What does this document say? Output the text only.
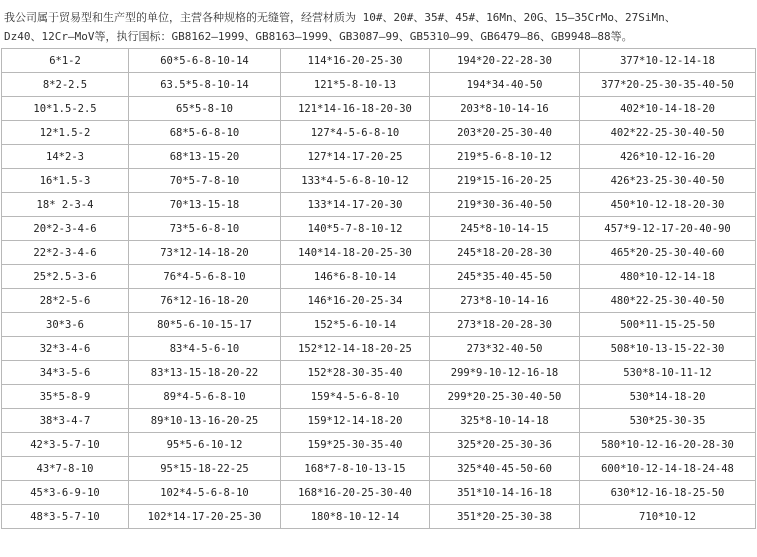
我公司属于贸易型和生产型的单位，主营各种规格的无缝管，经营材质为 10#、20#、35#、45#、16Mn、20G、15—35CrMo、27SiMn、

Dz40、12Cr—MoV等，执行国标：GB8162—1999、GB8163—1999、GB3087—99、GB5310—99、GB6479—86、GB9948—88等。

6*1-2	60*5-6-8-10-14	114*16-20-25-30	194*20-22-28-30	377*10-12-14-18
8*2-2.5	63.5*5-8-10-14	121*5-8-10-13	194*34-40-50	377*20-25-30-35-40-50
10*1.5-2.5	65*5-8-10	121*14-16-18-20-30	203*8-10-14-16	402*10-14-18-20
12*1.5-2	68*5-6-8-10	127*4-5-6-8-10	203*20-25-30-40	402*22-25-30-40-50
14*2-3	68*13-15-20	127*14-17-20-25	219*5-6-8-10-12	426*10-12-16-20
16*1.5-3	70*5-7-8-10	133*4-5-6-8-10-12	219*15-16-20-25	426*23-25-30-40-50
18* 2-3-4	70*13-15-18	133*14-17-20-30	219*30-36-40-50	450*10-12-18-20-30
20*2-3-4-6	73*5-6-8-10	140*5-7-8-10-12	245*8-10-14-15	457*9-12-17-20-40-90
22*2-3-4-6	73*12-14-18-20	140*14-18-20-25-30	245*18-20-28-30	465*20-25-30-40-60
25*2.5-3-6	76*4-5-6-8-10	146*6-8-10-14	245*35-40-45-50	480*10-12-14-18
28*2-5-6	76*12-16-18-20	146*16-20-25-34	273*8-10-14-16	480*22-25-30-40-50
30*3-6	80*5-6-10-15-17	152*5-6-10-14	273*18-20-28-30	500*11-15-25-50
32*3-4-6	83*4-5-6-10	152*12-14-18-20-25	273*32-40-50	508*10-13-15-22-30
34*3-5-6	83*13-15-18-20-22	152*28-30-35-40	299*9-10-12-16-18	530*8-10-11-12
35*5-8-9	89*4-5-6-8-10	159*4-5-6-8-10	299*20-25-30-40-50	530*14-18-20
38*3-4-7	89*10-13-16-20-25	159*12-14-18-20	325*8-10-14-18	530*25-30-35
42*3-5-7-10	95*5-6-10-12	159*25-30-35-40	325*20-25-30-36	580*10-12-16-20-28-30
43*7-8-10	95*15-18-22-25	168*7-8-10-13-15	325*40-45-50-60	600*10-12-14-18-24-48
45*3-6-9-10	102*4-5-6-8-10	168*16-20-25-30-40	351*10-14-16-18	630*12-16-18-25-50
48*3-5-7-10	102*14-17-20-25-30	180*8-10-12-14	351*20-25-30-38	710*10-12
